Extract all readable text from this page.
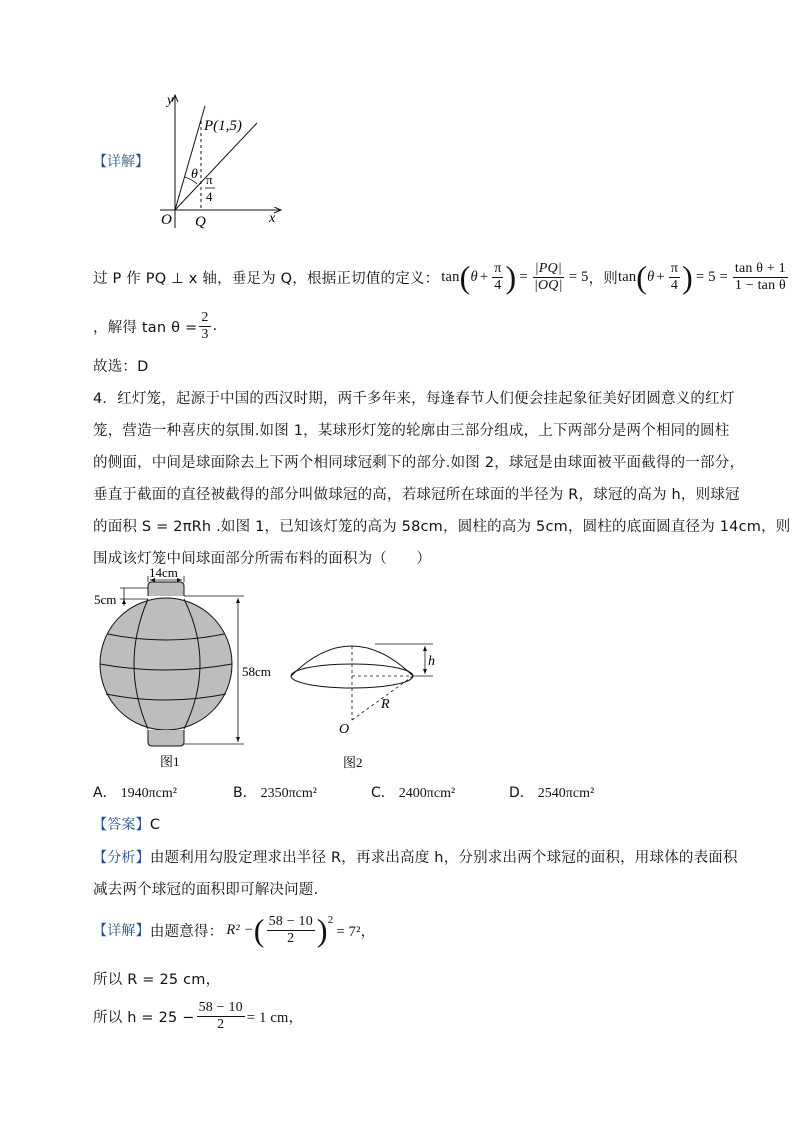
【详解】
y
x
O Q
P(1,5)
θ π
4
过 P 作 PQ ⊥ x 轴，垂足为 Q，根据正切值的定义： tan ( $\theta + \frac{\pi}{4}$ ) = $\frac{|PQ|}{|OQ|} = 5$ ，则 tan ( $\theta + \frac{\pi}{4}$ ) = $5 = \frac{\text{tan θ + 1}}{\text{1 − tan θ}}$
，解得 $\tan \theta = \frac{2}{3}$ .
故选：D
4．红灯笼，起源于中国的西汉时期，两千多年来，每逢春节人们便会挂起象征美好团圆意义的红灯
笼，营造一种喜庆的氛围.如图 1，某球形灯笼的轮廓由三部分组成，上下两部分是两个相同的圆柱
的侧面，中间是球面除去上下两个相同球冠剩下的部分.如图 2，球冠是由球面被平面截得的一部分，
垂直于截面的直径被截得的部分叫做球冠的高，若球冠所在球面的半径为 R，球冠的高为 h，则球冠
的面积 S = 2πRh .如图 1，已知该灯笼的高为 58cm，圆柱的高为 5cm，圆柱的底面圆直径为 14cm，则
围成该灯笼中间球面部分所需布料的面积为（　　）
14cm
5cm
58cm
图1
h
R
O
图2
A． 1940πcm²	B． 2350πcm²	C． 2400πcm²	D． 2540πcm²
【答案】C
【分析】由题利用勾股定理求出半径 R，再求出高度 h，分别求出两个球冠的面积，用球体的表面积
减去两个球冠的面积即可解决问题.
【详解】 由题意得： R² − ( $\frac{58 - 10}{2} )^2$
= 7²，
所以 R = 25 cm，
所以 $h = 25 - \frac{58 - 10}{2} = 1$ cm，
